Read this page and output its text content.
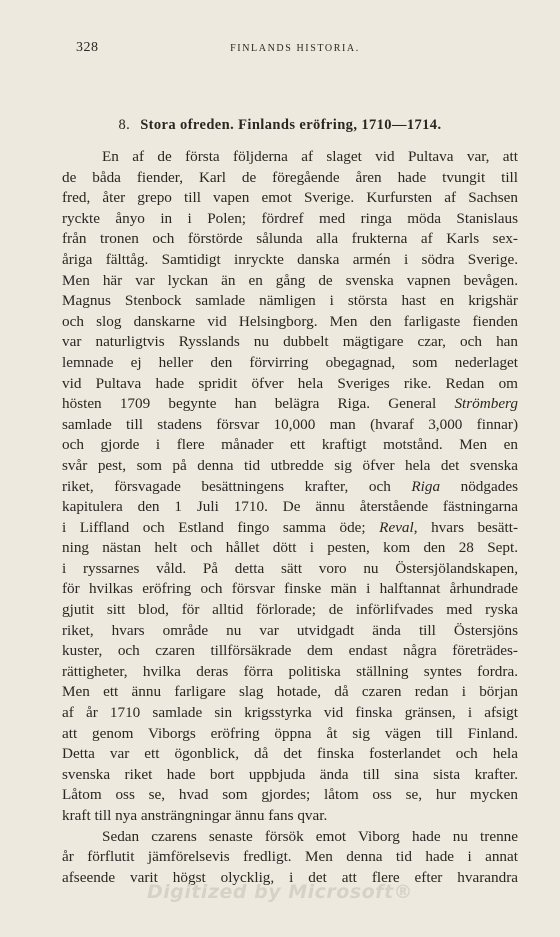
328	FINLANDS HISTORIA.
8. Stora ofreden. Finlands eröfring, 1710—1714.
En af de första följderna af slaget vid Pultava var, att
de båda fiender, Karl de föregående åren hade tvungit till
fred, åter grepo till vapen emot Sverige. Kurfursten af Sachsen
ryckte ånyo in i Polen; fördref med ringa möda Stanislaus
från tronen och förstörde sålunda alla frukterna af Karls sex-
åriga fälttåg. Samtidigt inryckte danska armén i södra Sverige.
Men här var lyckan än en gång de svenska vapnen bevågen.
Magnus Stenbock samlade nämligen i största hast en krigshär
och slog danskarne vid Helsingborg. Men den farligaste fienden
var naturligtvis Rysslands nu dubbelt mägtigare czar, och han
lemnade ej heller den förvirring obegagnad, som nederlaget
vid Pultava hade spridit öfver hela Sveriges rike. Redan om
hösten 1709 begynte han belägra Riga. General Strömberg
samlade till stadens försvar 10,000 man (hvaraf 3,000 finnar)
och gjorde i flere månader ett kraftigt motstånd. Men en
svår pest, som på denna tid utbredde sig öfver hela det svenska
riket, försvagade besättningens krafter, och Riga nödgades
kapitulera den 1 Juli 1710. De ännu återstående fästningarna
i Liffland och Estland fingo samma öde; Reval, hvars besätt-
ning nästan helt och hållet dött i pesten, kom den 28 Sept.
i ryssarnes våld. På detta sätt voro nu Östersjölandskapen,
för hvilkas eröfring och försvar finske män i halftannat århundrade
gjutit sitt blod, för alltid förlorade; de införlifvades med ryska
riket, hvars område nu var utvidgadt ända till Östersjöns
kuster, och czaren tillförsäkrade dem endast några företrädes-
rättigheter, hvilka deras förra politiska ställning syntes fordra.
Men ett ännu farligare slag hotade, då czaren redan i början
af år 1710 samlade sin krigsstyrka vid finska gränsen, i afsigt
att genom Viborgs eröfring öppna åt sig vägen till Finland.
Detta var ett ögonblick, då det finska fosterlandet och hela
svenska riket hade bort uppbjuda ända till sina sista krafter.
Låtom oss se, hvad som gjordes; låtom oss se, hur mycken
kraft till nya ansträngningar ännu fans qvar.
Sedan czarens senaste försök emot Viborg hade nu trenne
år förflutit jämförelsevis fredligt. Men denna tid hade i annat
afseende varit högst olycklig, i det att flere efter hvarandra
Digitized by Microsoft®
